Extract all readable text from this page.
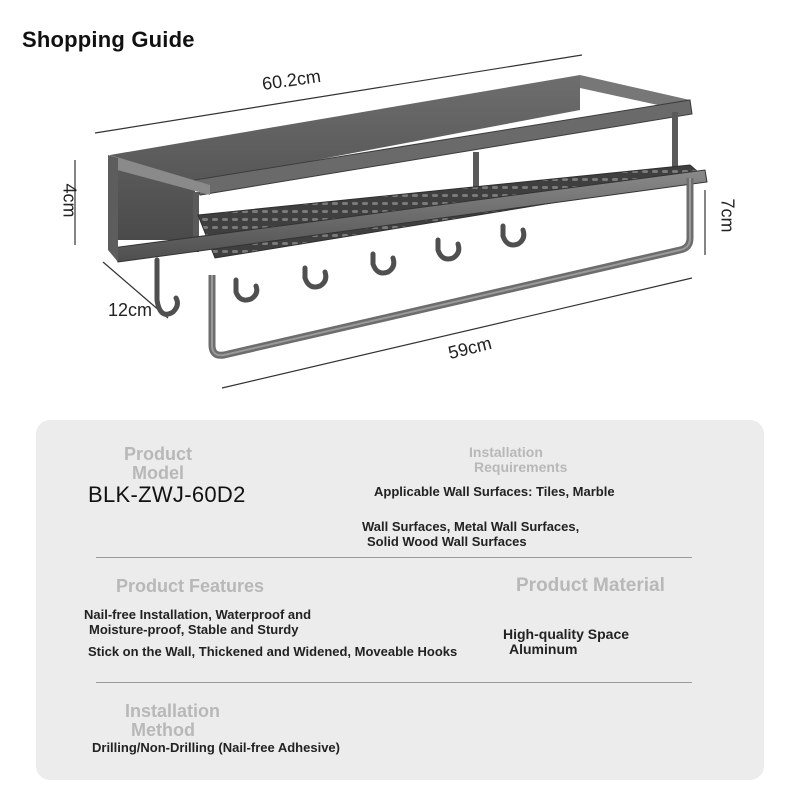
Shopping Guide
60.2cm
4cm	7cm
12cm
59cm
Product
Model
BLK-ZWJ-60D2
Installation
Requirements
Applicable Wall Surfaces: Tiles, Marble
Wall Surfaces, Metal Wall Surfaces,
Solid Wood Wall Surfaces
Product Features
Nail-free Installation, Waterproof and
Moisture-proof, Stable and Sturdy
Stick on the Wall, Thickened and Widened, Moveable Hooks
Product Material
High-quality Space
Aluminum
Installation
Method
Drilling/Non-Drilling (Nail-free Adhesive)
